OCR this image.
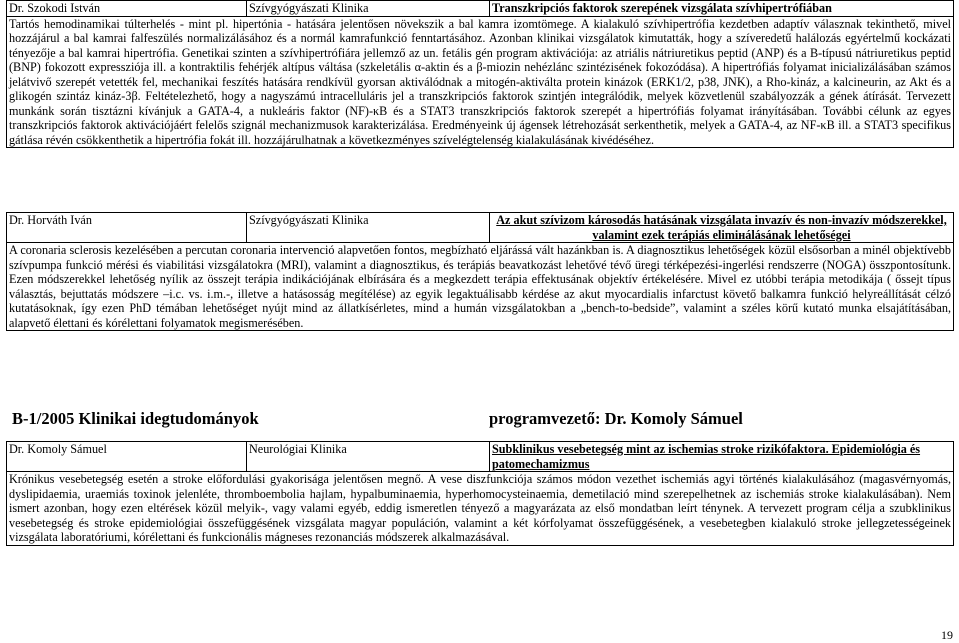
Dr. Szokodi István	Szívgyógyászati Klinika	Transzkripciós faktorok szerepének vizsgálata szívhipertrófiában
Tartós hemodinamikai túlterhelés - mint pl. hipertónia - hatására jelentősen növekszik a bal kamra izomtömege. A kialakuló szívhipertrófia kezdetben adaptív válasznak tekinthető, mivel hozzájárul a bal kamrai falfeszülés normalizálásához és a normál kamrafunkció fenntartásához. Azonban klinikai vizsgálatok kimutatták, hogy a szíveredetű halálozás egyértelmű kockázati tényezője a bal kamrai hipertrófia. Genetikai szinten a szívhipertrófiára jellemző az un. fetális gén program aktivációja: az atriális nátriuretikus peptid (ANP) és a B-típusú nátriuretikus peptid (BNP) fokozott expressziója ill. a kontraktilis fehérjék altípus váltása (szkeletális α-aktin és a β-miozin nehézlánc szintézisének fokozódása). A hipertrófiás folyamat inicializálásában számos jelátvivő szerepét vetették fel, mechanikai feszítés hatására rendkívül gyorsan aktiválódnak a mitogén-aktiválta protein kinázok (ERK1/2, p38, JNK), a Rho-kináz, a kalcineurin, az Akt és a glikogén szintáz kináz-3β. Feltételezhető, hogy a nagyszámú intracelluláris jel a transzkripciós faktorok szintjén integrálódik, melyek közvetlenül szabályozzák a gének átírását. Tervezett munkánk során tisztázni kívánjuk a GATA-4, a nukleáris faktor (NF)-κB és a STAT3 transzkripciós faktorok szerepét a hipertrófiás folyamat irányításában. További célunk az egyes transzkripciós faktorok aktivációjáért felelős szignál mechanizmusok karakterizálása. Eredményeink új ágensek létrehozását serkenthetik, melyek a GATA-4, az NF-κB ill. a STAT3 specifikus gátlása révén csökkenthetik a hipertrófia fokát ill. hozzájárulhatnak a következményes szívelégtelenség kialakulásának kivédéséhez.
Dr. Horváth Iván	Szívgyógyászati Klinika	Az akut szívizom károsodás hatásának vizsgálata invazív és non-invazív módszerekkel, valamint ezek terápiás elimінálásának lehetőségei
A coronaria sclerosis kezelésében a percutan coronaria intervenció alapvetően fontos, megbízható eljárássá vált hazánkban is. A diagnosztikus lehetőségek közül elsősorban a minél objektívebb szívpumpa funkció mérési és viabilitási vizsgálatokra (MRI), valamint a diagnosztikus, és terápiás beavatkozást lehetővé tévő üregi térképezési-ingerlési rendszerre (NOGA) összpontosítunk. Ezen módszerekkel lehetőség nyílik az összejt terápia indikációjának elbírására és a megkezdett terápia effektusának objektív értékelésére. Mivel ez utóbbi terápia metodikája ( őssejt típus választás, bejuttatás módszere –i.c. vs. i.m.-, illetve a hatásosság megítélése) az egyik legaktuálisabb kérdése az akut myocardialis infarctust követő balkamra funkció helyreállítását célzó kutatásoknak, így ezen PhD témában lehetőséget nyújt mind az állatkísérletes, mind a humán vizsgálatokban a „bench-to-bedside”, valamint a széles körű kutató munka elsajátításában, alapvető élettani és kórélettani folyamatok megismerésében.
B-1/2005 Klinikai idegtudományok	programvezető: Dr. Komoly Sámuel
Dr. Komoly Sámuel	Neurológiai Klinika	Subklinikus vesebetegség mint az ischemias stroke rizikófaktora. Epidemiológia és patomechamizmus
Krónikus vesebetegség esetén a stroke előfordulási gyakorisága jelentősen megnő. A vese diszfunkciója számos módon vezethet ischemiás agyi történés kialakulásához (magasvérnyomás, dyslipidaemia, uraemiás toxinok jelenléte, thromboembolia hajlam, hypalbuminaemia, hyperhomocysteinaemia, demetilació mind szerepelhetnek az ischemiás stroke kialakulásában). Nem ismert azonban, hogy ezen eltérések közül melyik-, vagy valami egyéb, eddig ismeretlen tényező a magyarázata az első mondatban leírt ténynek. A tervezett program célja a szubklinikus vesebetegség és stroke epidemiológiai összefüggésének vizsgálata magyar populáción, valamint a két kórfolyamat összefüggésének, a vesebetegben kialakuló stroke jellegzetességeinek vizsgálata laboratóriumi, kórélettani és funkcionális mágneses rezonanciás módszerek alkalmazásával.
19
